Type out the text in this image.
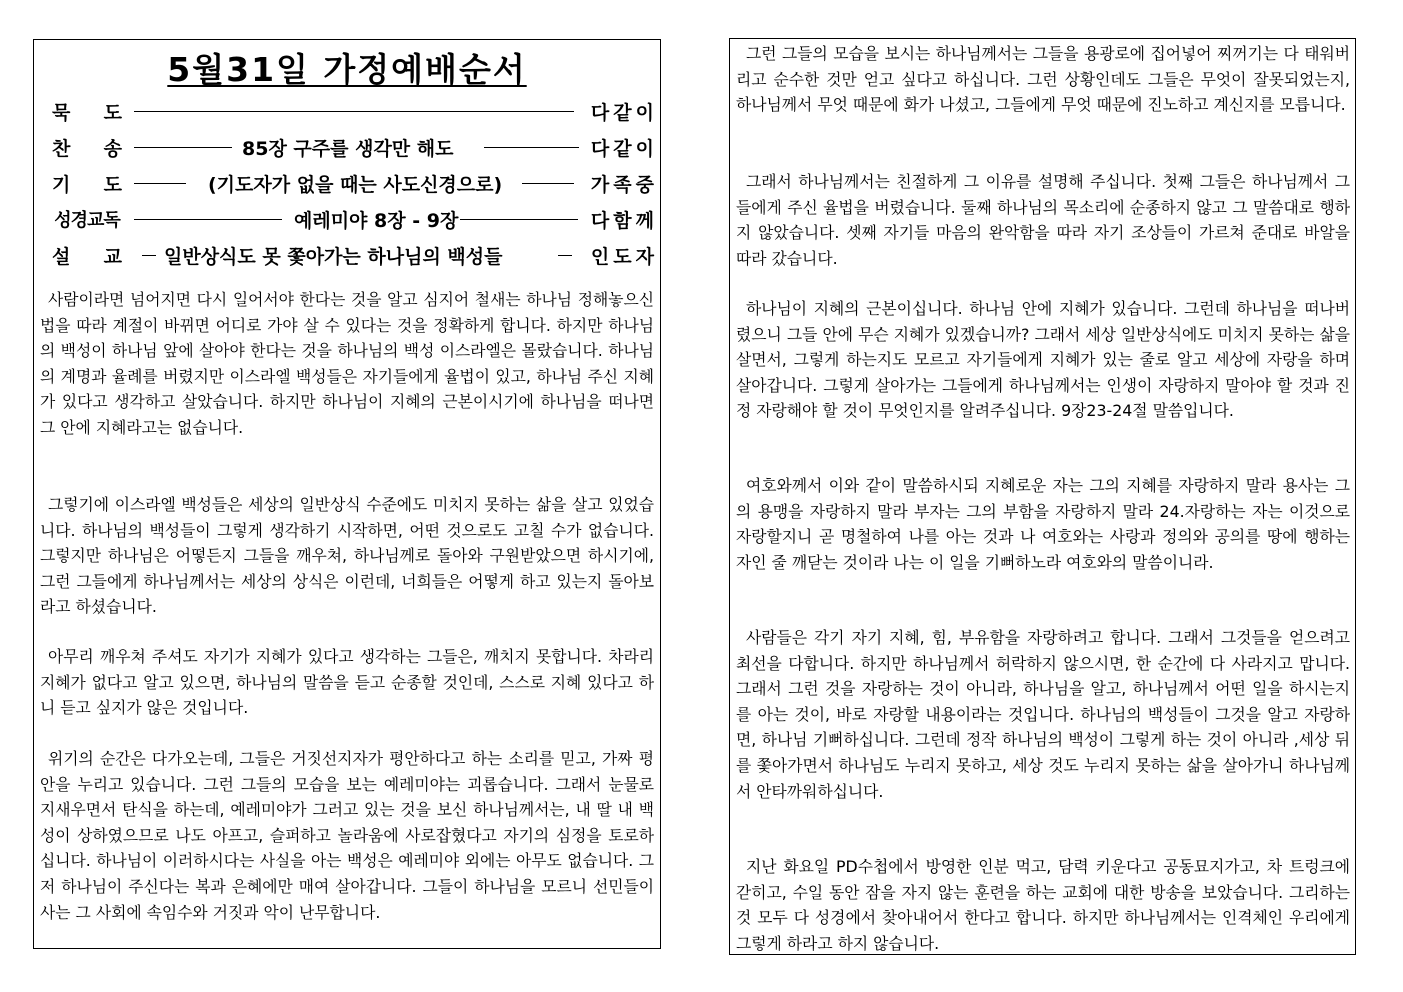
5월31일 가정예배순서
묵 도	다 같 이
찬 송	85장 구주를 생각만 해도	다 같 이
기 도	(기도자가 없을 때는 사도신경으로)	가 족 중
성경교독	예레미야 8장 - 9장	다 함 께
설 교 일반상식도 못 쫓아가는 하나님의 백성들	인 도 자

사람이라면 넘어지면 다시 일어서야 한다는 것을 알고 심지어 철새는 하나님 정해놓으신 법을 따라 계절이 바뀌면 어디로 가야 살 수 있다는 것을 정확하게 합니다. 하지만 하나님의 백성이 하나님 앞에 살아야 한다는 것을 하나님의 백성 이스라엘은 몰랐습니다. 하나님의 계명과 율례를 버렸지만 이스라엘 백성들은 자기들에게 율법이 있고, 하나님 주신 지혜가 있다고 생각하고 살았습니다. 하지만 하나님이 지혜의 근본이시기에 하나님을 떠나면 그 안에 지혜라고는 없습니다.

그렇기에 이스라엘 백성들은 세상의 일반상식 수준에도 미치지 못하는 삶을 살고 있었습니다. 하나님의 백성들이 그렇게 생각하기 시작하면, 어떤 것으로도 고칠 수가 없습니다. 그렇지만 하나님은 어떻든지 그들을 깨우쳐, 하나님께로 돌아와 구원받았으면 하시기에, 그런 그들에게 하나님께서는 세상의 상식은 이런데, 너희들은 어떻게 하고 있는지 돌아보라고 하셨습니다.

아무리 깨우쳐 주셔도 자기가 지혜가 있다고 생각하는 그들은, 깨치지 못합니다. 차라리 지혜가 없다고 알고 있으면, 하나님의 말씀을 듣고 순종할 것인데, 스스로 지혜 있다고 하니 듣고 싶지가 않은 것입니다.

위기의 순간은 다가오는데, 그들은 거짓선지자가 평안하다고 하는 소리를 믿고, 가짜 평안을 누리고 있습니다. 그런 그들의 모습을 보는 예레미야는 괴롭습니다. 그래서 눈물로 지새우면서 탄식을 하는데, 예레미야가 그러고 있는 것을 보신 하나님께서는, 내 딸 내 백성이 상하였으므로 나도 아프고, 슬퍼하고 놀라움에 사로잡혔다고 자기의 심정을 토로하십니다. 하나님이 이러하시다는 사실을 아는 백성은 예레미야 외에는 아무도 없습니다. 그저 하나님이 주신다는 복과 은혜에만 매여 살아갑니다. 그들이 하나님을 모르니 선민들이 사는 그 사회에 속임수와 거짓과 악이 난무합니다.

그런 그들의 모습을 보시는 하나님께서는 그들을 용광로에 집어넣어 찌꺼기는 다 태워버리고 순수한 것만 얻고 싶다고 하십니다. 그런 상황인데도 그들은 무엇이 잘못되었는지, 하나님께서 무엇 때문에 화가 나셨고, 그들에게 무엇 때문에 진노하고 계신지를 모릅니다.

그래서 하나님께서는 친절하게 그 이유를 설명해 주십니다. 첫째 그들은 하나님께서 그들에게 주신 율법을 버렸습니다. 둘째 하나님의 목소리에 순종하지 않고 그 말씀대로 행하지 않았습니다. 셋째 자기들 마음의 완악함을 따라 자기 조상들이 가르쳐 준대로 바알을 따라 갔습니다.

하나님이 지혜의 근본이십니다. 하나님 안에 지혜가 있습니다. 그런데 하나님을 떠나버렸으니 그들 안에 무슨 지혜가 있겠습니까? 그래서 세상 일반상식에도 미치지 못하는 삶을 살면서, 그렇게 하는지도 모르고 자기들에게 지혜가 있는 줄로 알고 세상에 자랑을 하며 살아갑니다. 그렇게 살아가는 그들에게 하나님께서는 인생이 자랑하지 말아야 할 것과 진정 자랑해야 할 것이 무엇인지를 알려주십니다. 9장23-24절 말씀입니다.

여호와께서 이와 같이 말씀하시되 지혜로운 자는 그의 지혜를 자랑하지 말라 용사는 그의 용맹을 자랑하지 말라 부자는 그의 부함을 자랑하지 말라 24.자랑하는 자는 이것으로 자랑할지니 곧 명철하여 나를 아는 것과 나 여호와는 사랑과 정의와 공의를 땅에 행하는 자인 줄 깨닫는 것이라 나는 이 일을 기뻐하노라 여호와의 말씀이니라.

사람들은 각기 자기 지혜, 힘, 부유함을 자랑하려고 합니다. 그래서 그것들을 얻으려고 최선을 다합니다. 하지만 하나님께서 허락하지 않으시면, 한 순간에 다 사라지고 맙니다. 그래서 그런 것을 자랑하는 것이 아니라, 하나님을 알고, 하나님께서 어떤 일을 하시는지를 아는 것이, 바로 자랑할 내용이라는 것입니다. 하나님의 백성들이 그것을 알고 자랑하면, 하나님 기뻐하십니다. 그런데 정작 하나님의 백성이 그렇게 하는 것이 아니라 ,세상 뒤를 쫓아가면서 하나님도 누리지 못하고, 세상 것도 누리지 못하는 삶을 살아가니 하나님께서 안타까워하십니다.

지난 화요일 PD수첩에서 방영한 인분 먹고, 담력 키운다고 공동묘지가고, 차 트렁크에 갇히고, 수일 동안 잠을 자지 않는 훈련을 하는 교회에 대한 방송을 보았습니다. 그리하는 것 모두 다 성경에서 찾아내어서 한다고 합니다. 하지만 하나님께서는 인격체인 우리에게 그렇게 하라고 하지 않습니다.
